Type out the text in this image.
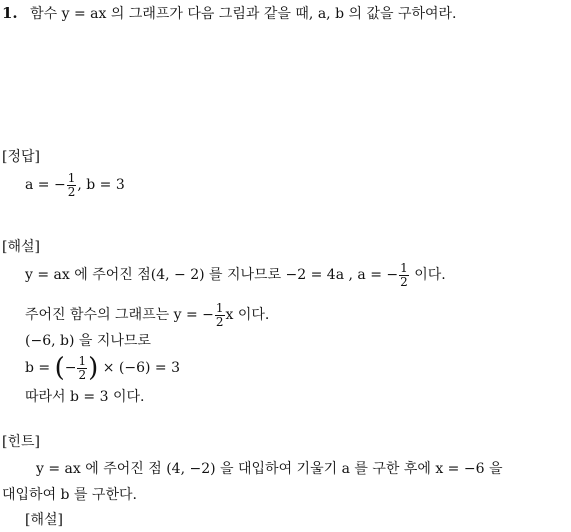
1. 함수 y = ax 의 그래프가 다음 그림과 같을 때, a, b 의 값을 구하여라.
[정답]
a = − $\frac{1}{2}$ , b = 3
[해설]
y = ax 에 주어진 점(4, − 2) 를 지나므로 −2 = 4a , a = − $\frac{1}{2}$ 이다.
주어진 함수의 그래프는 y = − $\frac{1}{2}$ x 이다.
(−6, b) 을 지나므로
b = (− $\frac{1}{2}$ ) × (−6) = 3
따라서 b = 3 이다.
[힌트]
y = ax 에 주어진 점 (4, −2) 을 대입하여 기울기 a 를 구한 후에 x = −6 을
대입하여 b 를 구한다.
[해설]
